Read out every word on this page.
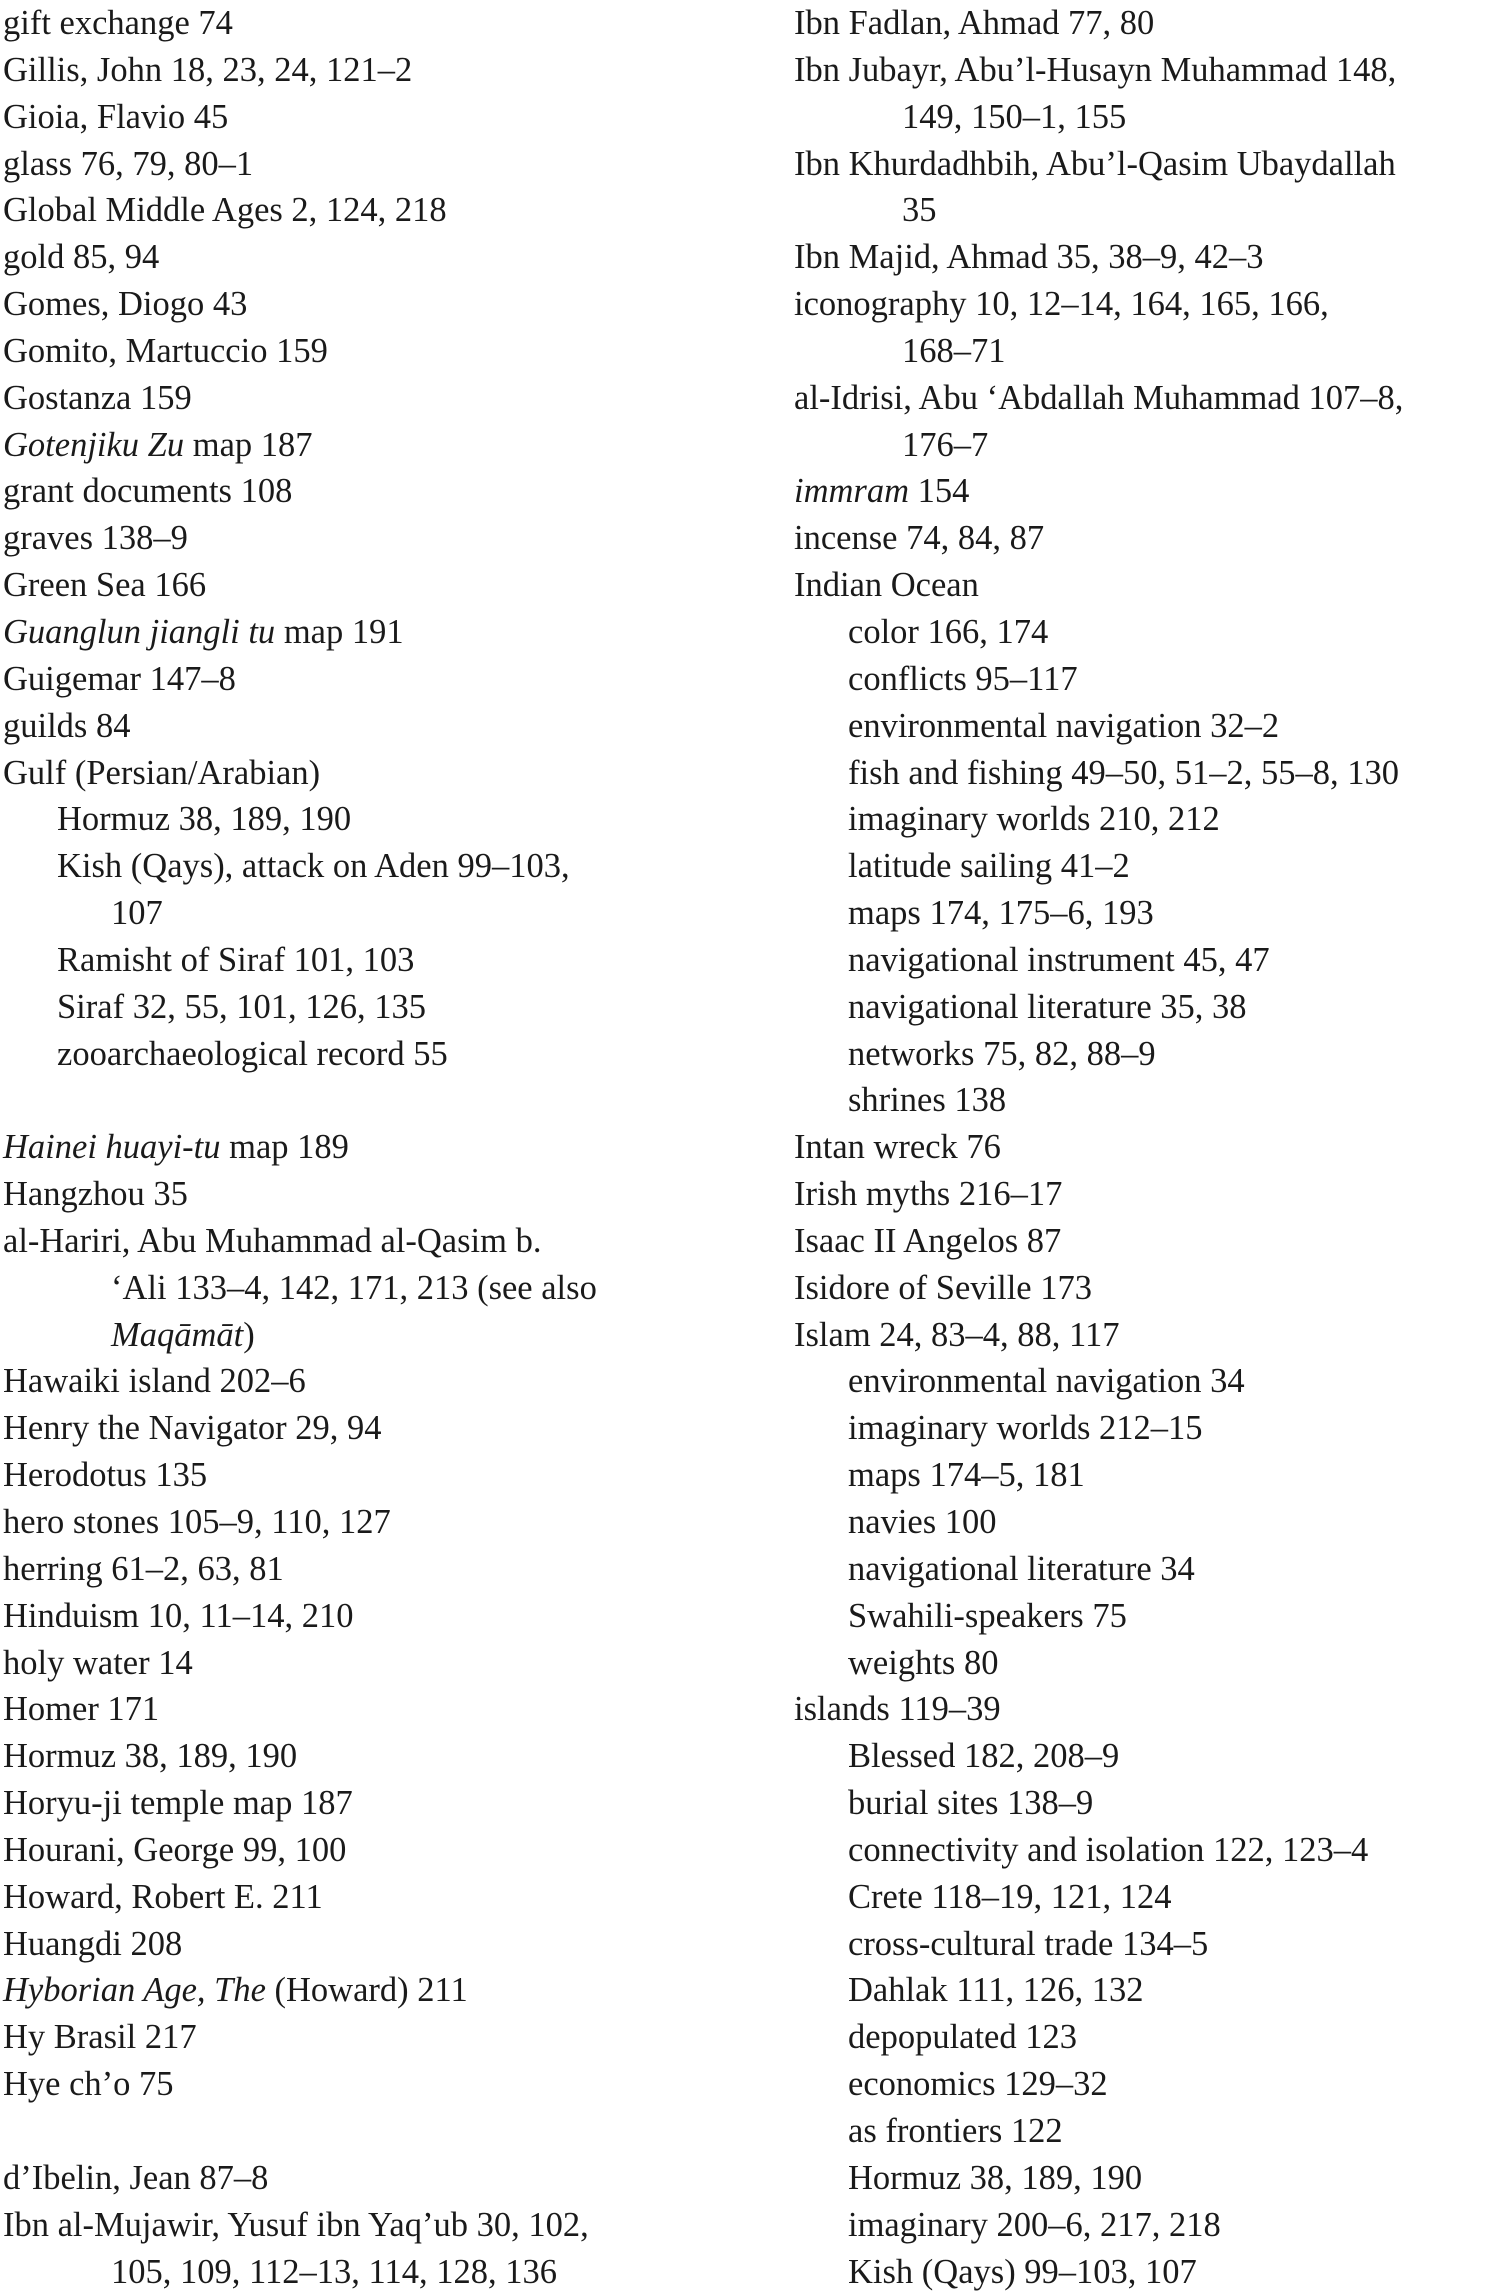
gift exchange 74
Gillis, John 18, 23, 24, 121–2
Gioia, Flavio 45
glass 76, 79, 80–1
Global Middle Ages 2, 124, 218
gold 85, 94
Gomes, Diogo 43
Gomito, Martuccio 159
Gostanza 159
Gotenjiku Zu map 187
grant documents 108
graves 138–9
Green Sea 166
Guanglun jiangli tu map 191
Guigemar 147–8
guilds 84
Gulf (Persian/Arabian)
Hormuz 38, 189, 190
Kish (Qays), attack on Aden 99–103,
107
Ramisht of Siraf 101, 103
Siraf 32, 55, 101, 126, 135
zooarchaeological record 55
Hainei huayi-tu map 189
Hangzhou 35
al-Hariri, Abu Muhammad al-Qasim b.
‘Ali 133–4, 142, 171, 213 (see also
Maqāmāt)
Hawaiki island 202–6
Henry the Navigator 29, 94
Herodotus 135
hero stones 105–9, 110, 127
herring 61–2, 63, 81
Hinduism 10, 11–14, 210
holy water 14
Homer 171
Hormuz 38, 189, 190
Horyu-ji temple map 187
Hourani, George 99, 100
Howard, Robert E. 211
Huangdi 208
Hyborian Age, The (Howard) 211
Hy Brasil 217
Hye ch’o 75
d’Ibelin, Jean 87–8
Ibn al-Mujawir, Yusuf ibn Yaq’ub 30, 102,
105, 109, 112–13, 114, 128, 136
Ibn Fadlan, Ahmad 77, 80
Ibn Jubayr, Abu’l-Husayn Muhammad 148,
149, 150–1, 155
Ibn Khurdadhbih, Abu’l-Qasim Ubaydallah
35
Ibn Majid, Ahmad 35, 38–9, 42–3
iconography 10, 12–14, 164, 165, 166,
168–71
al-Idrisi, Abu ‘Abdallah Muhammad 107–8,
176–7
immram 154
incense 74, 84, 87
Indian Ocean
color 166, 174
conflicts 95–117
environmental navigation 32–2
fish and fishing 49–50, 51–2, 55–8, 130
imaginary worlds 210, 212
latitude sailing 41–2
maps 174, 175–6, 193
navigational instrument 45, 47
navigational literature 35, 38
networks 75, 82, 88–9
shrines 138
Intan wreck 76
Irish myths 216–17
Isaac II Angelos 87
Isidore of Seville 173
Islam 24, 83–4, 88, 117
environmental navigation 34
imaginary worlds 212–15
maps 174–5, 181
navies 100
navigational literature 34
Swahili-speakers 75
weights 80
islands 119–39
Blessed 182, 208–9
burial sites 138–9
connectivity and isolation 122, 123–4
Crete 118–19, 121, 124
cross-cultural trade 134–5
Dahlak 111, 126, 132
depopulated 123
economics 129–32
as frontiers 122
Hormuz 38, 189, 190
imaginary 200–6, 217, 218
Kish (Qays) 99–103, 107
